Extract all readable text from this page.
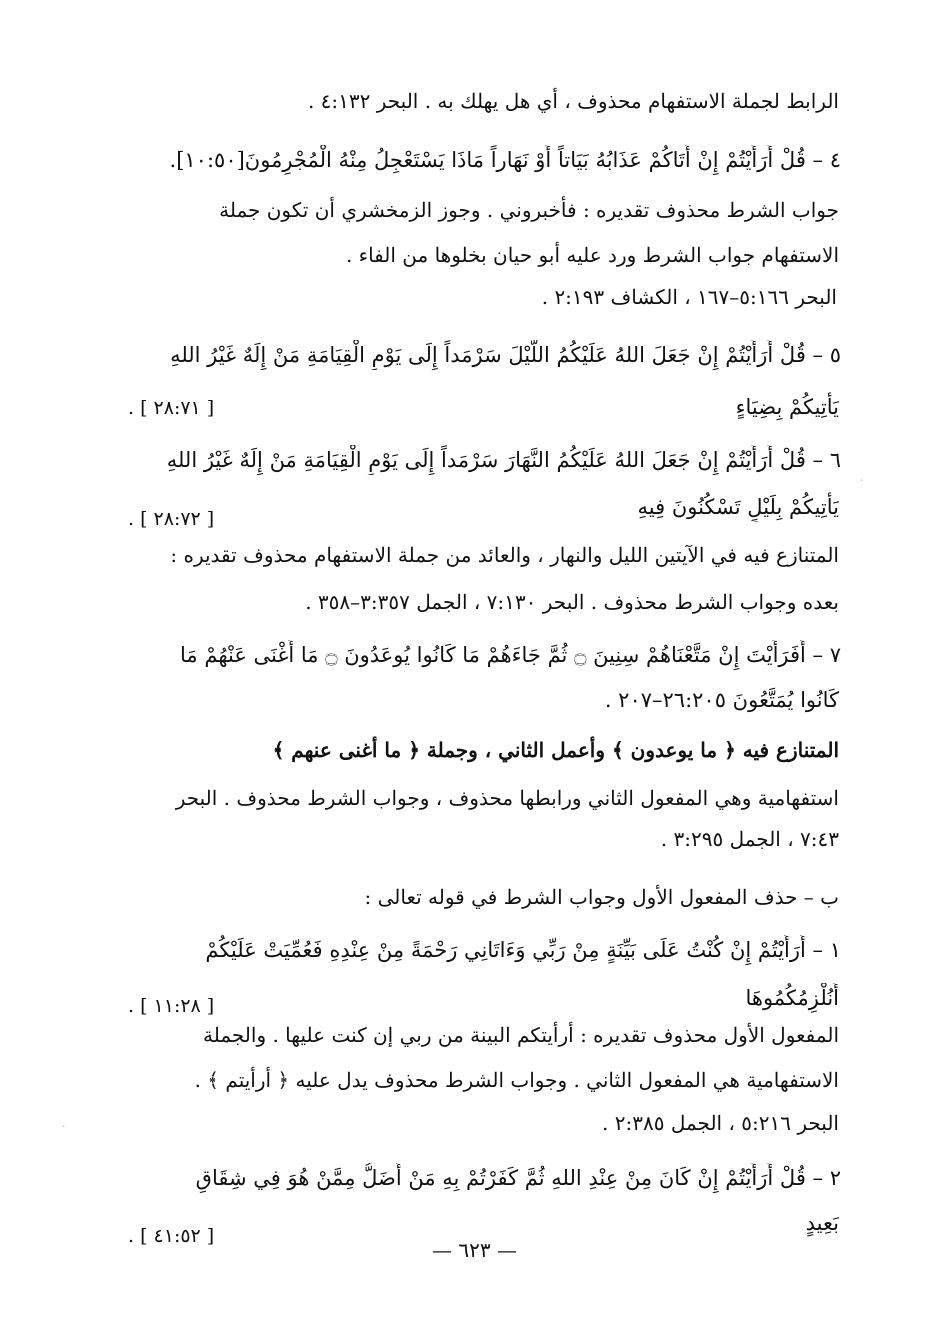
الرابط لجملة الاستفهام محذوف ، أي هل يهلك به . البحر ٤:١٣٢ .
٤ – قُلْ أَرَأَيْتُمْ إِنْ أَتَاكُمْ عَذَابُهُ بَيَاتاً أَوْ نَهَاراً مَاذَا يَسْتَعْجِلُ مِنْهُ الْمُجْرِمُونَ[١٠:٥٠].
جواب الشرط محذوف تقديره : فأخبروني . وجوز الزمخشري أن تكون جملة
الاستفهام جواب الشرط ورد عليه أبو حيان بخلوها من الفاء .
البحر ٥:١٦٦–١٦٧ ، الكشاف ٢:١٩٣ .
٥ – قُلْ أَرَأَيْتُمْ إِنْ جَعَلَ اللهُ عَلَيْكُمُ اللَّيْلَ سَرْمَداً إِلَى يَوْمِ الْقِيَامَةِ مَنْ إِلَهٌ غَيْرُ اللهِ
يَأْتِيكُمْ بِضِيَاءٍ
[ ٢٨:٧١ ] .
٦ – قُلْ أَرَأَيْتُمْ إِنْ جَعَلَ اللهُ عَلَيْكُمُ النَّهَارَ سَرْمَداً إِلَى يَوْمِ الْقِيَامَةِ مَنْ إِلَهٌ غَيْرُ اللهِ
يَأْتِيكُمْ بِلَيْلٍ تَسْكُنُونَ فِيهِ
[ ٢٨:٧٢ ] .
المتنازع فيه في الآيتين الليل والنهار ، والعائد من جملة الاستفهام محذوف تقديره :
بعده وجواب الشرط محذوف . البحر ٧:١٣٠ ، الجمل ٣:٣٥٧–٣٥٨ .
٧ – أَفَرَأَيْتَ إِنْ مَتَّعْنَاهُمْ سِنِينَ ۝ ثُمَّ جَاءَهُمْ مَا كَانُوا يُوعَدُونَ ۝ مَا أَغْنَى عَنْهُمْ مَا
كَانُوا يُمَتَّعُونَ ٢٦:٢٠٥–٢٠٧ .
المتنازع فيه ﴿ ما يوعدون ﴾ وأعمل الثاني ، وجملة ﴿ ما أغنى عنهم ﴾
استفهامية وهي المفعول الثاني ورابطها محذوف ، وجواب الشرط محذوف . البحر
٧:٤٣ ، الجمل ٣:٢٩٥ .
ب – حذف المفعول الأول وجواب الشرط في قوله تعالى :
١ – أَرَأَيْتُمْ إِنْ كُنْتُ عَلَى بَيِّنَةٍ مِنْ رَبِّي وَءَاتَانِي رَحْمَةً مِنْ عِنْدِهِ فَعُمِّيَتْ عَلَيْكُمْ
أَنُلْزِمُكُمُوهَا
[ ١١:٢٨ ] .
المفعول الأول محذوف تقديره : أرأيتكم البينة من ربي إن كنت عليها . والجملة
الاستفهامية هي المفعول الثاني . وجواب الشرط محذوف يدل عليه ﴿ أرأيتم ﴾ .
البحر ٥:٢١٦ ، الجمل ٢:٣٨٥ .
٢ – قُلْ أَرَأَيْتُمْ إِنْ كَانَ مِنْ عِنْدِ اللهِ ثُمَّ كَفَرْتُمْ بِهِ مَنْ أَضَلُّ مِمَّنْ هُوَ فِي شِقَاقٍ
بَعِيدٍ
[ ٤١:٥٢ ] .
— ٦٢٣ —
˙
˙
